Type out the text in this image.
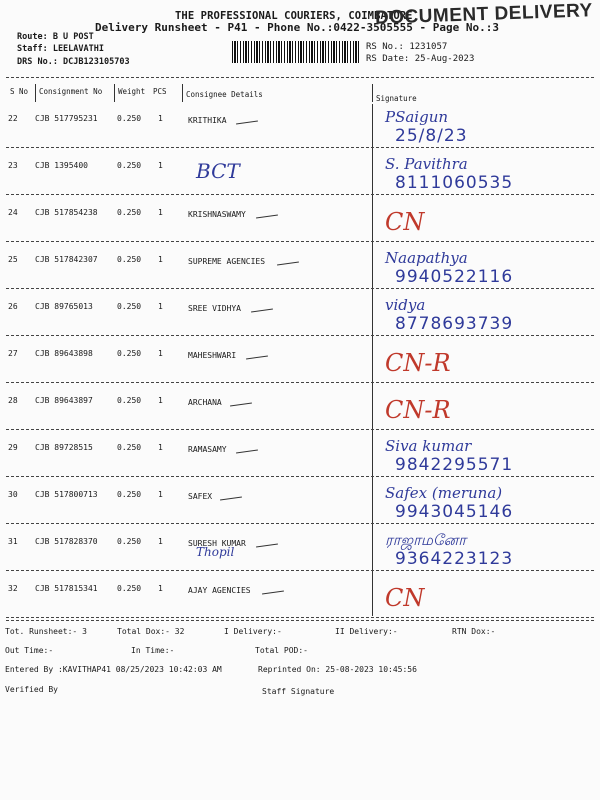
THE PROFESSIONAL COURIERS, COIMBATORE
Delivery Runsheet - P41 - Phone No.:0422-3505555 - Page No.:3
DOCUMENT DELIVERY
Route: B U POST
Staff: LEELAVATHI
DRS No.: DCJB123105703
RS No.: 1231057
RS Date: 25-Aug-2023
S No Consignment No Weight PCS	Consignee Details	Signature
22 CJB 517795231 0.250 1	KRITHIKA	PSaigun
25/8/23
23 CJB 1395400	0.250 1 BCT	S. Pavithra
8111060535
24 CJB 517854238 0.250 1	KRISHNASWAMY	CN
25 CJB 517842307 0.250 1	SUPREME AGENCIES	Naapathya
9940522116
26 CJB 89765013	0.250 1	SREE VIDHYA	vidya
8778693739
27 CJB 89643898	0.250 1	MAHESHWARI	CN-R
28 CJB 89643897	0.250 1	ARCHANA	CN-R
29 CJB 89728515	0.250 1	RAMASAMY	Siva kumar
9842295571
30 CJB 517800713 0.250 1	SAFEX	Safex (meruna)
9943045146
31 CJB 517828370 0.250 1	SURESH KUMAR
Thopil
ராஜாமனோ
9364223123
32 CJB 517815341 0.250 1	AJAY AGENCIES	CN
Tot. Runsheet:- 3	Total Dox:- 32	I Delivery:-	II Delivery:-	RTN Dox:-
Out Time:-	In Time:-	Total POD:-
Entered By :KAVITHAP41 08/25/2023 10:42:03 AM	Reprinted On: 25-08-2023 10:45:56
Verified By	Staff Signature
